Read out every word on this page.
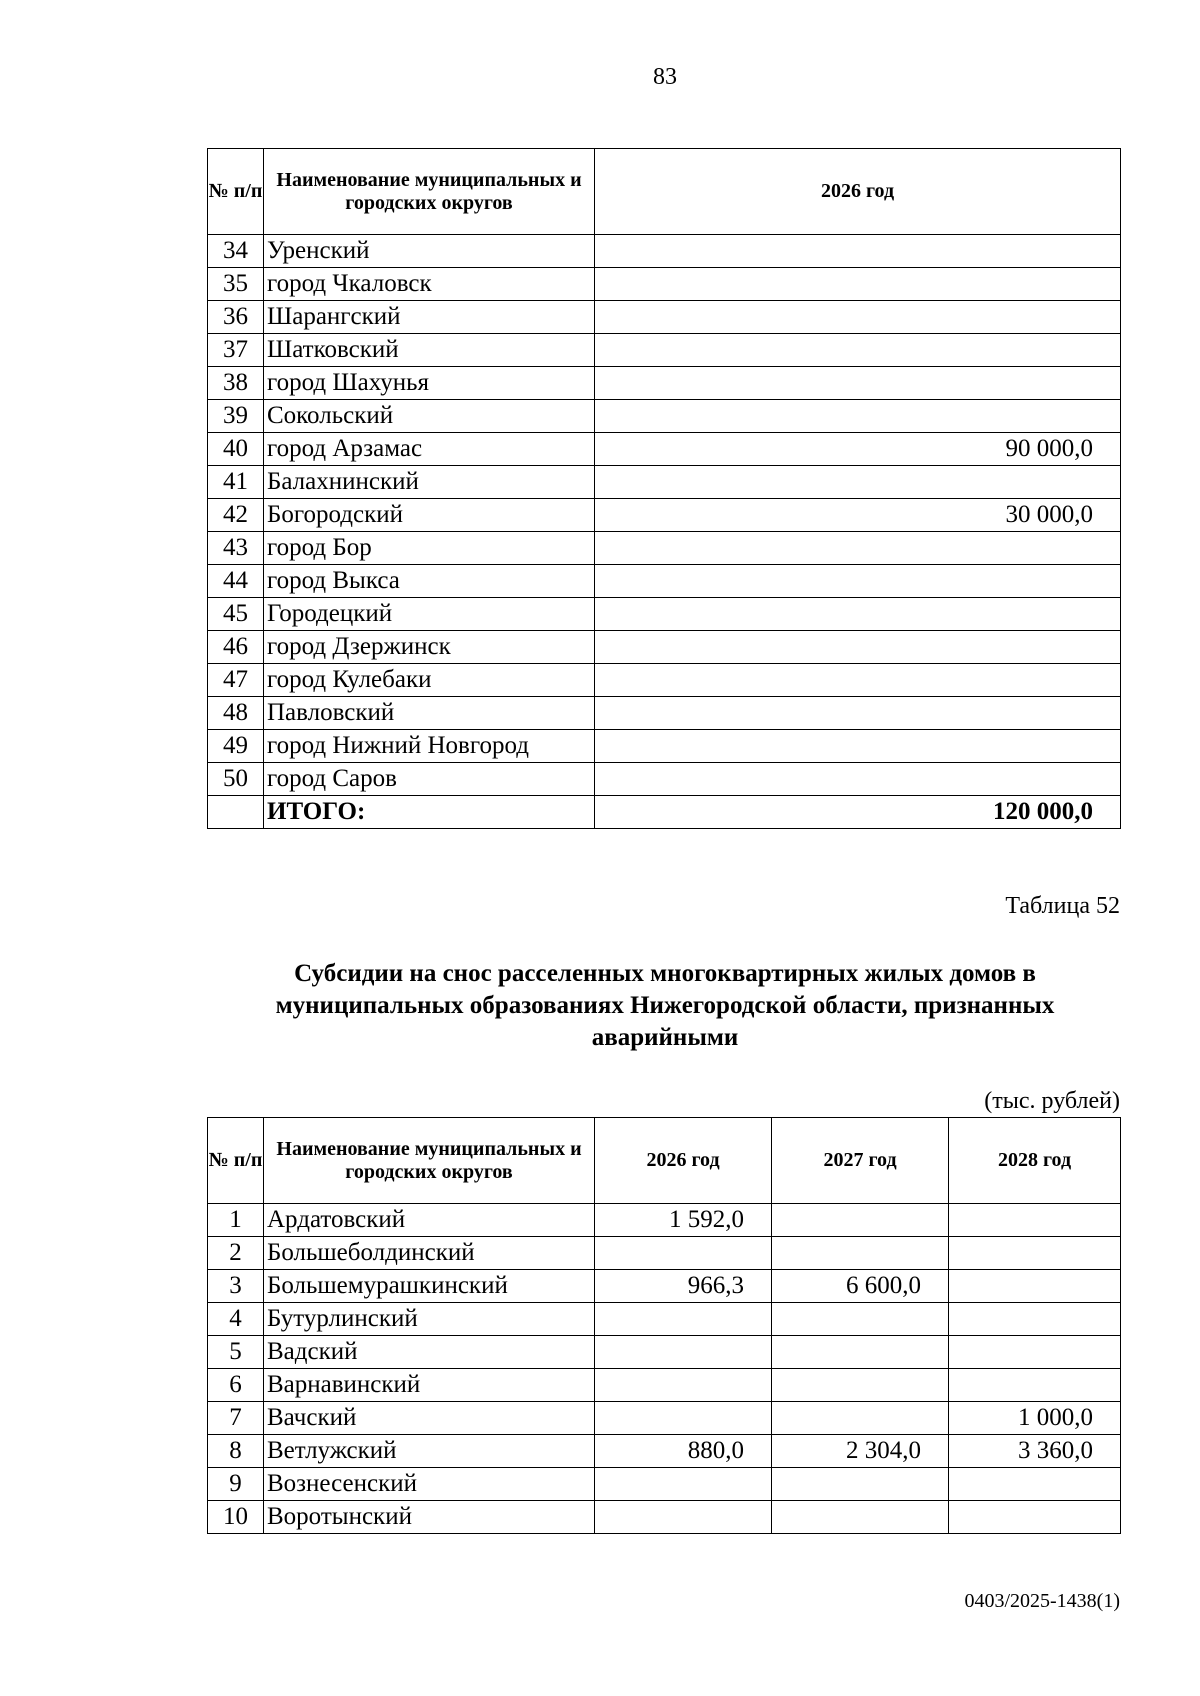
83
№ п/п	Наименование муниципальных и городских округов	2026 год
34	Уренский	
35	город Чкаловск	
36	Шарангский	
37	Шатковский	
38	город Шахунья	
39	Сокольский	
40	город Арзамас	90 000,0
41	Балахнинский	
42	Богородский	30 000,0
43	город Бор	
44	город Выкса	
45	Городецкий	
46	город Дзержинск	
47	город Кулебаки	
48	Павловский	
49	город Нижний Новгород	
50	город Саров	
	ИТОГО:	120 000,0
Таблица 52
Субсидии на снос расселенных многоквартирных жилых домов в муниципальных образованиях Нижегородской области, признанных аварийными
(тыс. рублей)
№ п/п	Наименование муниципальных и городских округов	2026 год	2027 год	2028 год
1	Ардатовский	1 592,0		
2	Большеболдинский			
3	Большемурашкинский	966,3	6 600,0	
4	Бутурлинский			
5	Вадский			
6	Варнавинский			
7	Вачский			1 000,0
8	Ветлужский	880,0	2 304,0	3 360,0
9	Вознесенский			
10	Воротынский			
0403/2025-1438(1)
